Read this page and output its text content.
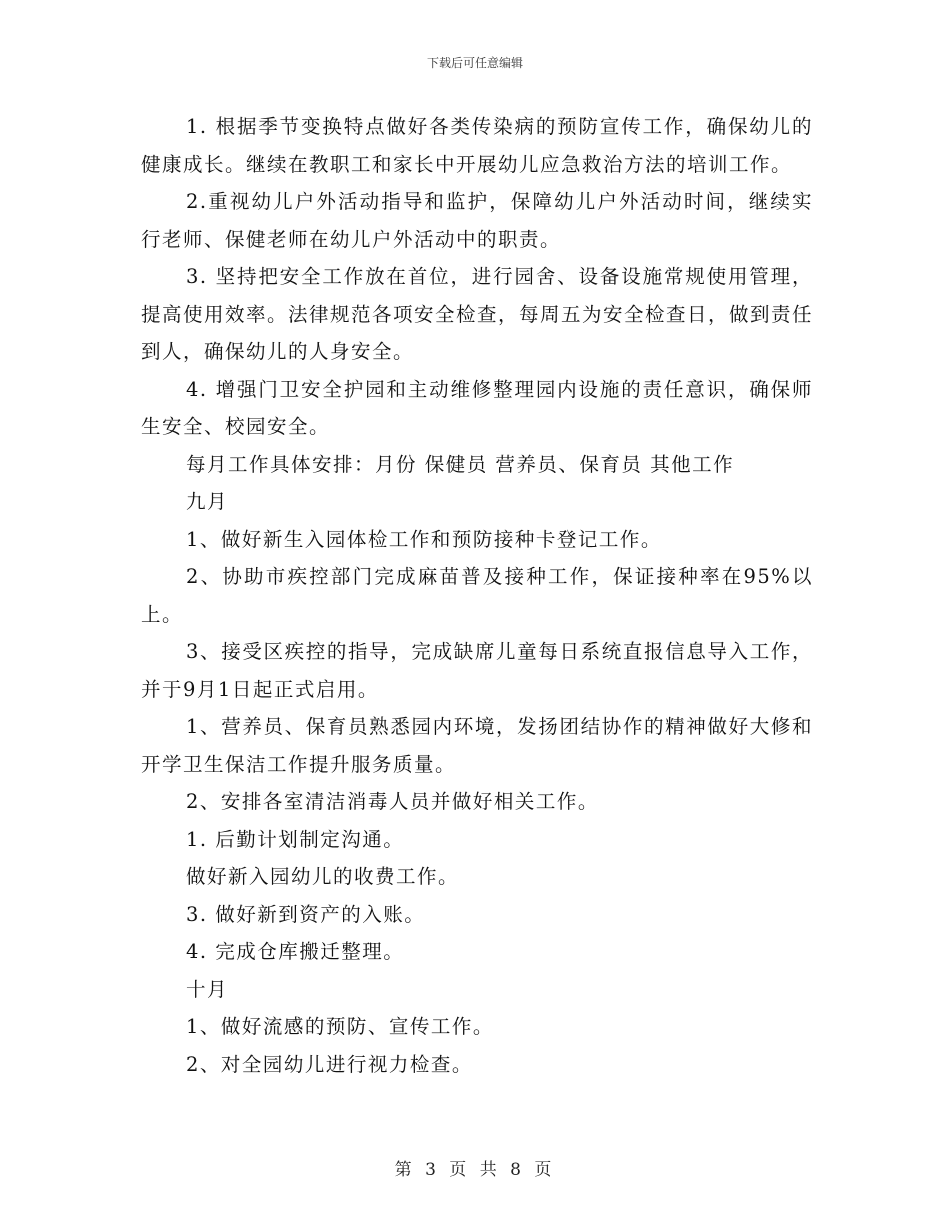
下载后可任意编辑

1. 根据季节变换特点做好各类传染病的预防宣传工作，确保幼儿的健康成长。继续在教职工和家长中开展幼儿应急救治方法的培训工作。

2.重视幼儿户外活动指导和监护，保障幼儿户外活动时间，继续实行老师、保健老师在幼儿户外活动中的职责。

3. 坚持把安全工作放在首位，进行园舍、设备设施常规使用管理，提高使用效率。法律规范各项安全检查，每周五为安全检查日，做到责任到人，确保幼儿的人身安全。

4. 增强门卫安全护园和主动维修整理园内设施的责任意识，确保师生安全、校园安全。

每月工作具体安排：月份 保健员 营养员、保育员 其他工作

九月

1、做好新生入园体检工作和预防接种卡登记工作。

2、协助市疾控部门完成麻苗普及接种工作，保证接种率在95%以上。

3、接受区疾控的指导，完成缺席儿童每日系统直报信息导入工作，并于9月1日起正式启用。

1、营养员、保育员熟悉园内环境，发扬团结协作的精神做好大修和开学卫生保洁工作提升服务质量。

2、安排各室清洁消毒人员并做好相关工作。

1. 后勤计划制定沟通。

做好新入园幼儿的收费工作。

3. 做好新到资产的入账。

4. 完成仓库搬迁整理。

十月

1、做好流感的预防、宣传工作。

2、对全园幼儿进行视力检查。

第 3 页 共 8 页
